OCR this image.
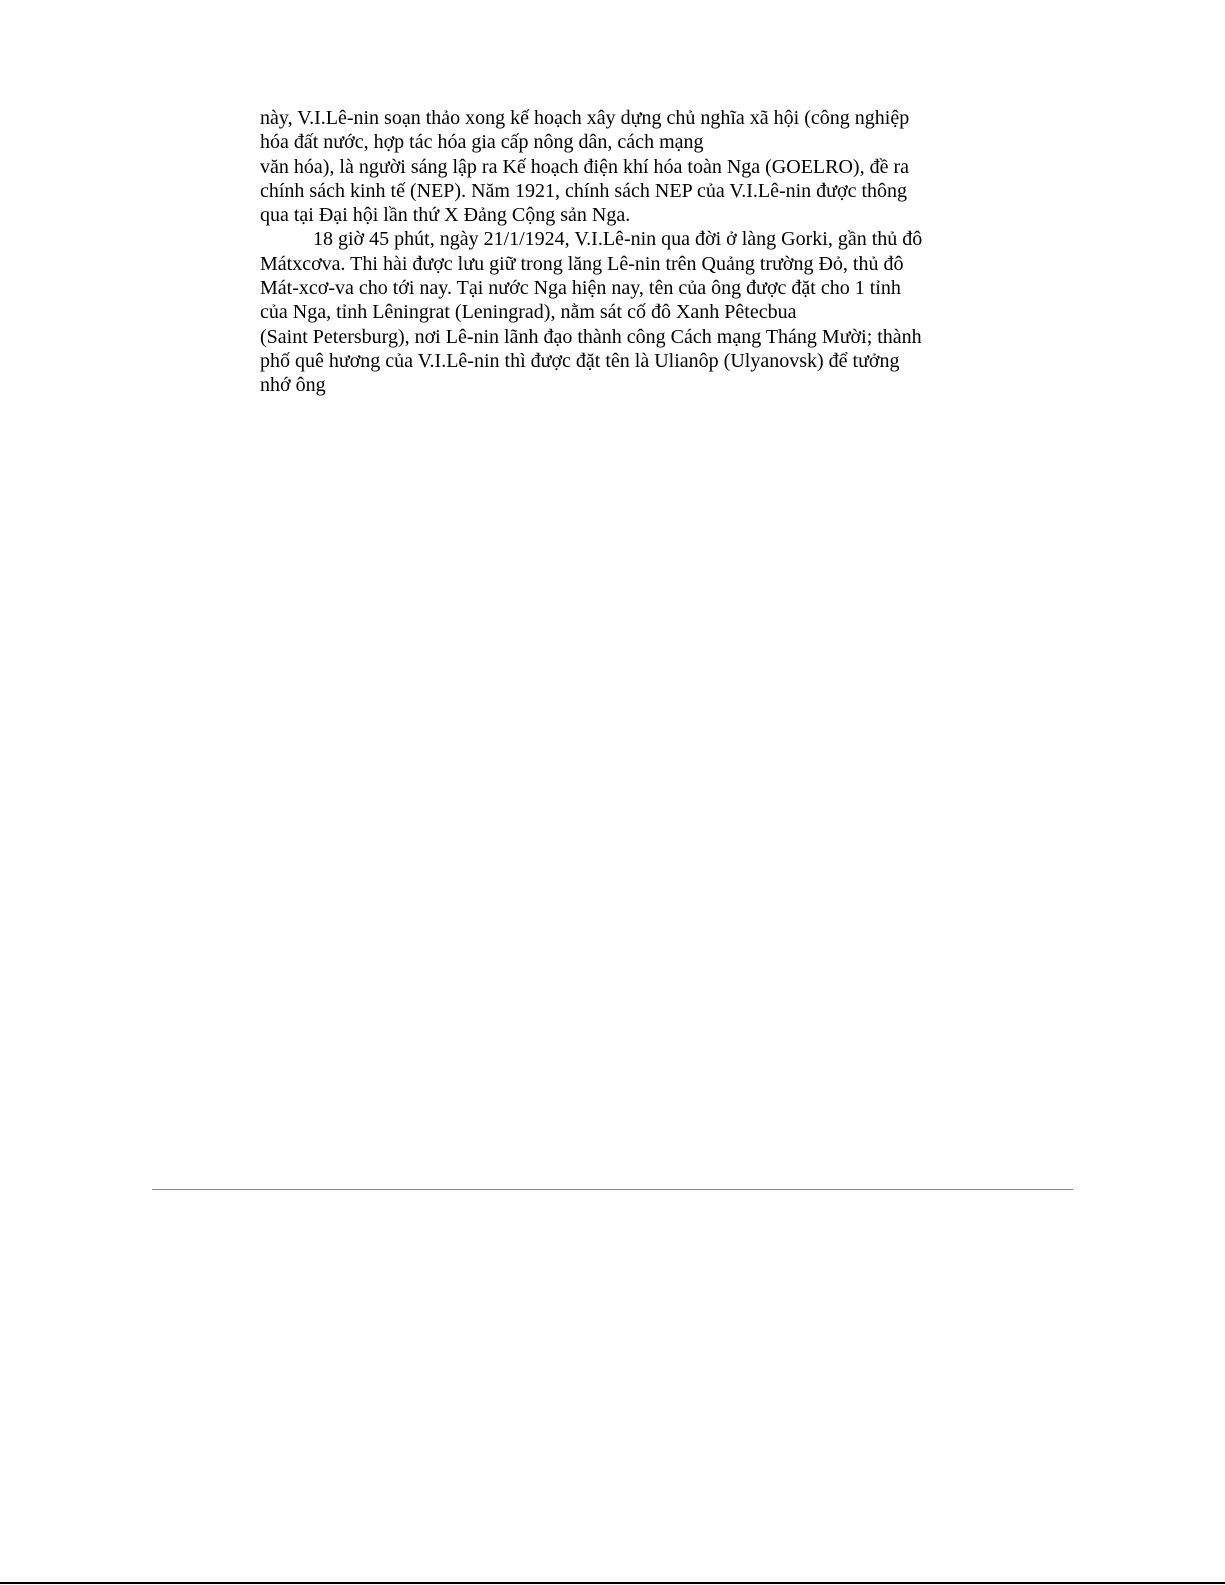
này, V.I.Lê-nin soạn thảo xong kế hoạch xây dựng chủ nghĩa xã hội (công nghiệp
hóa đất nước, hợp tác hóa gia cấp nông dân, cách mạng
văn hóa), là người sáng lập ra Kế hoạch điện khí hóa toàn Nga (GOELRO), đề ra
chính sách kinh tế (NEP). Năm 1921, chính sách NEP của V.I.Lê-nin được thông
qua tại Đại hội lần thứ X Đảng Cộng sản Nga.
18 giờ 45 phút, ngày 21/1/1924, V.I.Lê-nin qua đời ở làng Gorki, gần thủ đô
Mátxcơva. Thi hài được lưu giữ trong lăng Lê-nin trên Quảng trường Đỏ, thủ đô
Mát-xcơ-va cho tới nay. Tại nước Nga hiện nay, tên của ông được đặt cho 1 tỉnh
của Nga, tỉnh Lêningrat (Leningrad), nằm sát cố đô Xanh Pêtecbua
(Saint Petersburg), nơi Lê-nin lãnh đạo thành công Cách mạng Tháng Mười; thành
phố quê hương của V.I.Lê-nin thì được đặt tên là Ulianôp (Ulyanovsk) để tưởng
nhớ ông
